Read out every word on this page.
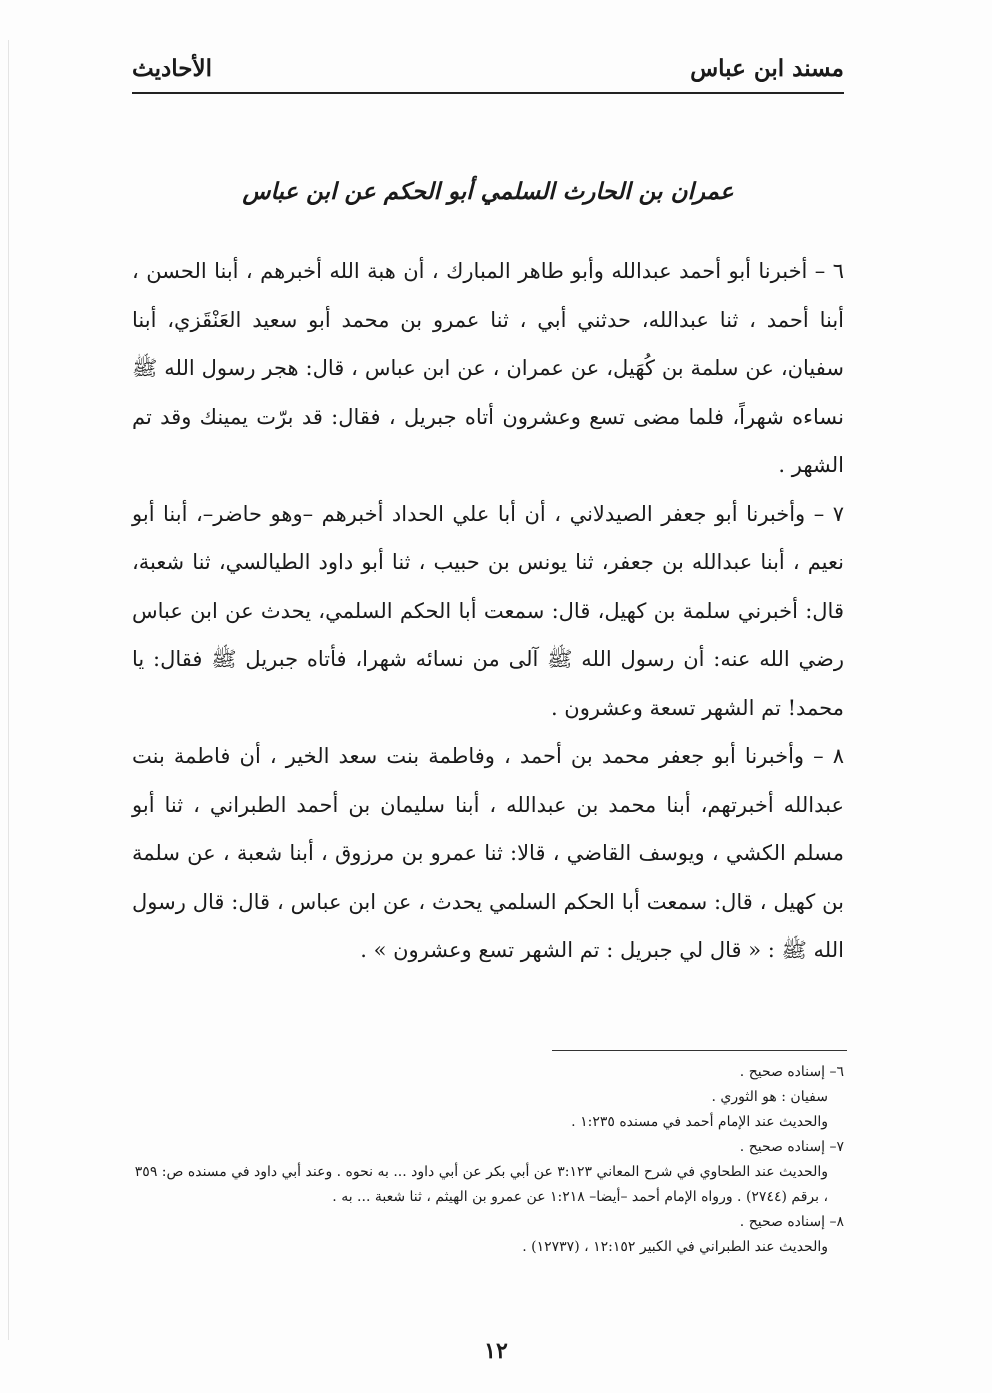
مسند ابن عباس
الأحاديث
عمران بن الحارث السلمي أبو الحكم عن ابن عباس

٦ – أخبرنا أبو أحمد عبدالله وأبو طاهر المبارك ، أن هبة الله أخبرهم ، أبنا الحسن ، أبنا أحمد ، ثنا عبدالله، حدثني أبي ، ثنا عمرو بن محمد أبو سعيد العَنْقَزي، أبنا سفيان، عن سلمة بن كُهَيل، عن عمران ، عن ابن عباس ، قال: هجر رسول الله ﷺ نساءه شهراً، فلما مضى تسع وعشرون أتاه جبريل ، فقال: قد برّت يمينك وقد تم الشهر .

٧ – وأخبرنا أبو جعفر الصيدلاني ، أن أبا علي الحداد أخبرهم –وهو حاضر–، أبنا أبو نعيم ، أبنا عبدالله بن جعفر، ثنا يونس بن حبيب ، ثنا أبو داود الطيالسي، ثنا شعبة، قال: أخبرني سلمة بن كهيل، قال: سمعت أبا الحكم السلمي، يحدث عن ابن عباس رضي الله عنه: أن رسول الله ﷺ آلى من نسائه شهرا، فأتاه جبريل ﷺ فقال: يا محمد! تم الشهر تسعة وعشرون .

٨ – وأخبرنا أبو جعفر محمد بن أحمد ، وفاطمة بنت سعد الخير ، أن فاطمة بنت عبدالله أخبرتهم، أبنا محمد بن عبدالله ، أبنا سليمان بن أحمد الطبراني ، ثنا أبو مسلم الكشي ، ويوسف القاضي ، قالا: ثنا عمرو بن مرزوق ، أبنا شعبة ، عن سلمة بن كهيل ، قال: سمعت أبا الحكم السلمي يحدث ، عن ابن عباس ، قال: قال رسول الله ﷺ : « قال لي جبريل : تم الشهر تسع وعشرون » .

٦– إسناده صحيح .

سفيان : هو الثوري .

والحديث عند الإمام أحمد في مسنده ١:٢٣٥ .

٧– إسناده صحيح .

والحديث عند الطحاوي في شرح المعاني ٣:١٢٣ عن أبي بكر عن أبي داود ... به نحوه . وعند أبي داود في مسنده ص: ٣٥٩ ، برقم (٢٧٤٤) . ورواه الإمام أحمد –أيضا– ١:٢١٨ عن عمرو بن الهيثم ، ثنا شعبة ... به .

٨– إسناده صحيح .

والحديث عند الطبراني في الكبير ١٢:١٥٢ ، (١٢٧٣٧) .

١٢
